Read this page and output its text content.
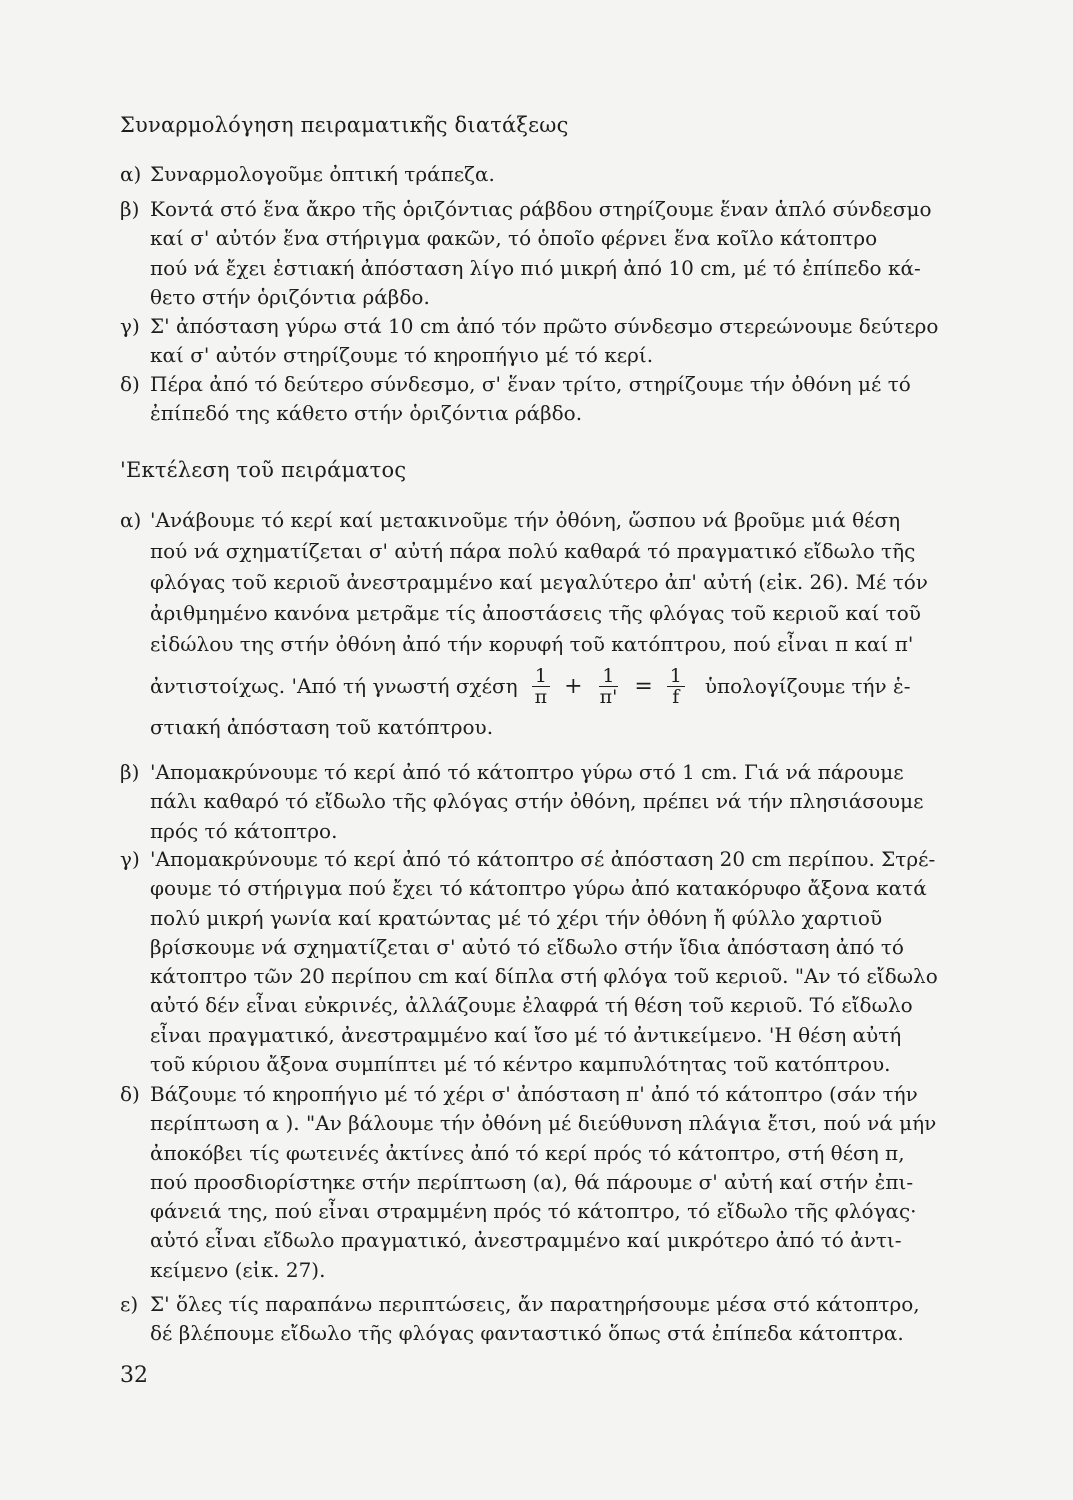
Συναρμολόγηση πειραματικῆς διατάξεως
α) Συναρμολογοῦμε ὀπτική τράπεζα.
β) Κοντά στό ἕνα ἄκρο τῆς ὁριζόντιας ράβδου στηρίζουμε ἕναν ἁπλό σύνδεσμο
καί σ' αὐτόν ἕνα στήριγμα φακῶν, τό ὁποῖο φέρνει ἕνα κοῖλο κάτοπτρο
πού νά ἔχει ἑστιακή ἀπόσταση λίγο πιό μικρή ἀπό 10 cm, μέ τό ἐπίπεδο κά-
θετο στήν ὁριζόντια ράβδο.
γ) Σ' ἀπόσταση γύρω στά 10 cm ἀπό τόν πρῶτο σύνδεσμο στερεώνουμε δεύτερο
καί σ' αὐτόν στηρίζουμε τό κηροπήγιο μέ τό κερί.
δ) Πέρα ἀπό τό δεύτερο σύνδεσμο, σ' ἕναν τρίτο, στηρίζουμε τήν ὀθόνη μέ τό
ἐπίπεδό της κάθετο στήν ὁριζόντια ράβδο.
'Εκτέλεση τοῦ πειράματος
α) 'Ανάβουμε τό κερί καί μετακινοῦμε τήν ὀθόνη, ὥσπου νά βροῦμε μιά θέση
πού νά σχηματίζεται σ' αὐτή πάρα πολύ καθαρά τό πραγματικό εἴδωλο τῆς
φλόγας τοῦ κεριοῦ ἀνεστραμμένο καί μεγαλύτερο ἀπ' αὐτή (εἰκ. 26). Μέ τόν
ἀριθμημένο κανόνα μετρᾶμε τίς ἀποστάσεις τῆς φλόγας τοῦ κεριοῦ καί τοῦ
εἰδώλου της στήν ὀθόνη ἀπό τήν κορυφή τοῦ κατόπτρου, πού εἶναι π καί π'
ἀντιστοίχως. 'Από τή γνωστή σχέση $\frac{1}{\pi} + \frac{1}{\pi'} = \frac{1}{f}$ ὑπολογίζουμε τήν ἑ-
στιακή ἀπόσταση τοῦ κατόπτρου.
β) 'Απομακρύνουμε τό κερί ἀπό τό κάτοπτρο γύρω στό 1 cm. Γιά νά πάρουμε
πάλι καθαρό τό εἴδωλο τῆς φλόγας στήν ὀθόνη, πρέπει νά τήν πλησιάσουμε
πρός τό κάτοπτρο.
γ) 'Απομακρύνουμε τό κερί ἀπό τό κάτοπτρο σέ ἀπόσταση 20 cm περίπου. Στρέ-
φουμε τό στήριγμα πού ἔχει τό κάτοπτρο γύρω ἀπό κατακόρυφο ἄξονα κατά
πολύ μικρή γωνία καί κρατώντας μέ τό χέρι τήν ὀθόνη ἤ φύλλο χαρτιοῦ
βρίσκουμε νά σχηματίζεται σ' αὐτό τό εἴδωλο στήν ἴδια ἀπόσταση ἀπό τό
κάτοπτρο τῶν 20 περίπου cm καί δίπλα στή φλόγα τοῦ κεριοῦ. "Αν τό εἴδωλο
αὐτό δέν εἶναι εὐκρινές, ἀλλάζουμε ἐλαφρά τή θέση τοῦ κεριοῦ. Τό εἴδωλο
εἶναι πραγματικό, ἀνεστραμμένο καί ἴσο μέ τό ἀντικείμενο. 'Η θέση αὐτή
τοῦ κύριου ἄξονα συμπίπτει μέ τό κέντρο καμπυλότητας τοῦ κατόπτρου.
δ) Βάζουμε τό κηροπήγιο μέ τό χέρι σ' ἀπόσταση π' ἀπό τό κάτοπτρο (σάν τήν
περίπτωση α ). "Αν βάλουμε τήν ὀθόνη μέ διεύθυνση πλάγια ἔτσι, πού νά μήν
ἀποκόβει τίς φωτεινές ἀκτίνες ἀπό τό κερί πρός τό κάτοπτρο, στή θέση π,
πού προσδιορίστηκε στήν περίπτωση (α), θά πάρουμε σ' αὐτή καί στήν ἐπι-
φάνειά της, πού εἶναι στραμμένη πρός τό κάτοπτρο, τό εἴδωλο τῆς φλόγας·
αὐτό εἶναι εἴδωλο πραγματικό, ἀνεστραμμένο καί μικρότερο ἀπό τό ἀντι-
κείμενο (εἰκ. 27).
ε) Σ' ὅλες τίς παραπάνω περιπτώσεις, ἄν παρατηρήσουμε μέσα στό κάτοπτρο,
δέ βλέπουμε εἴδωλο τῆς φλόγας φανταστικό ὅπως στά ἐπίπεδα κάτοπτρα.
32
